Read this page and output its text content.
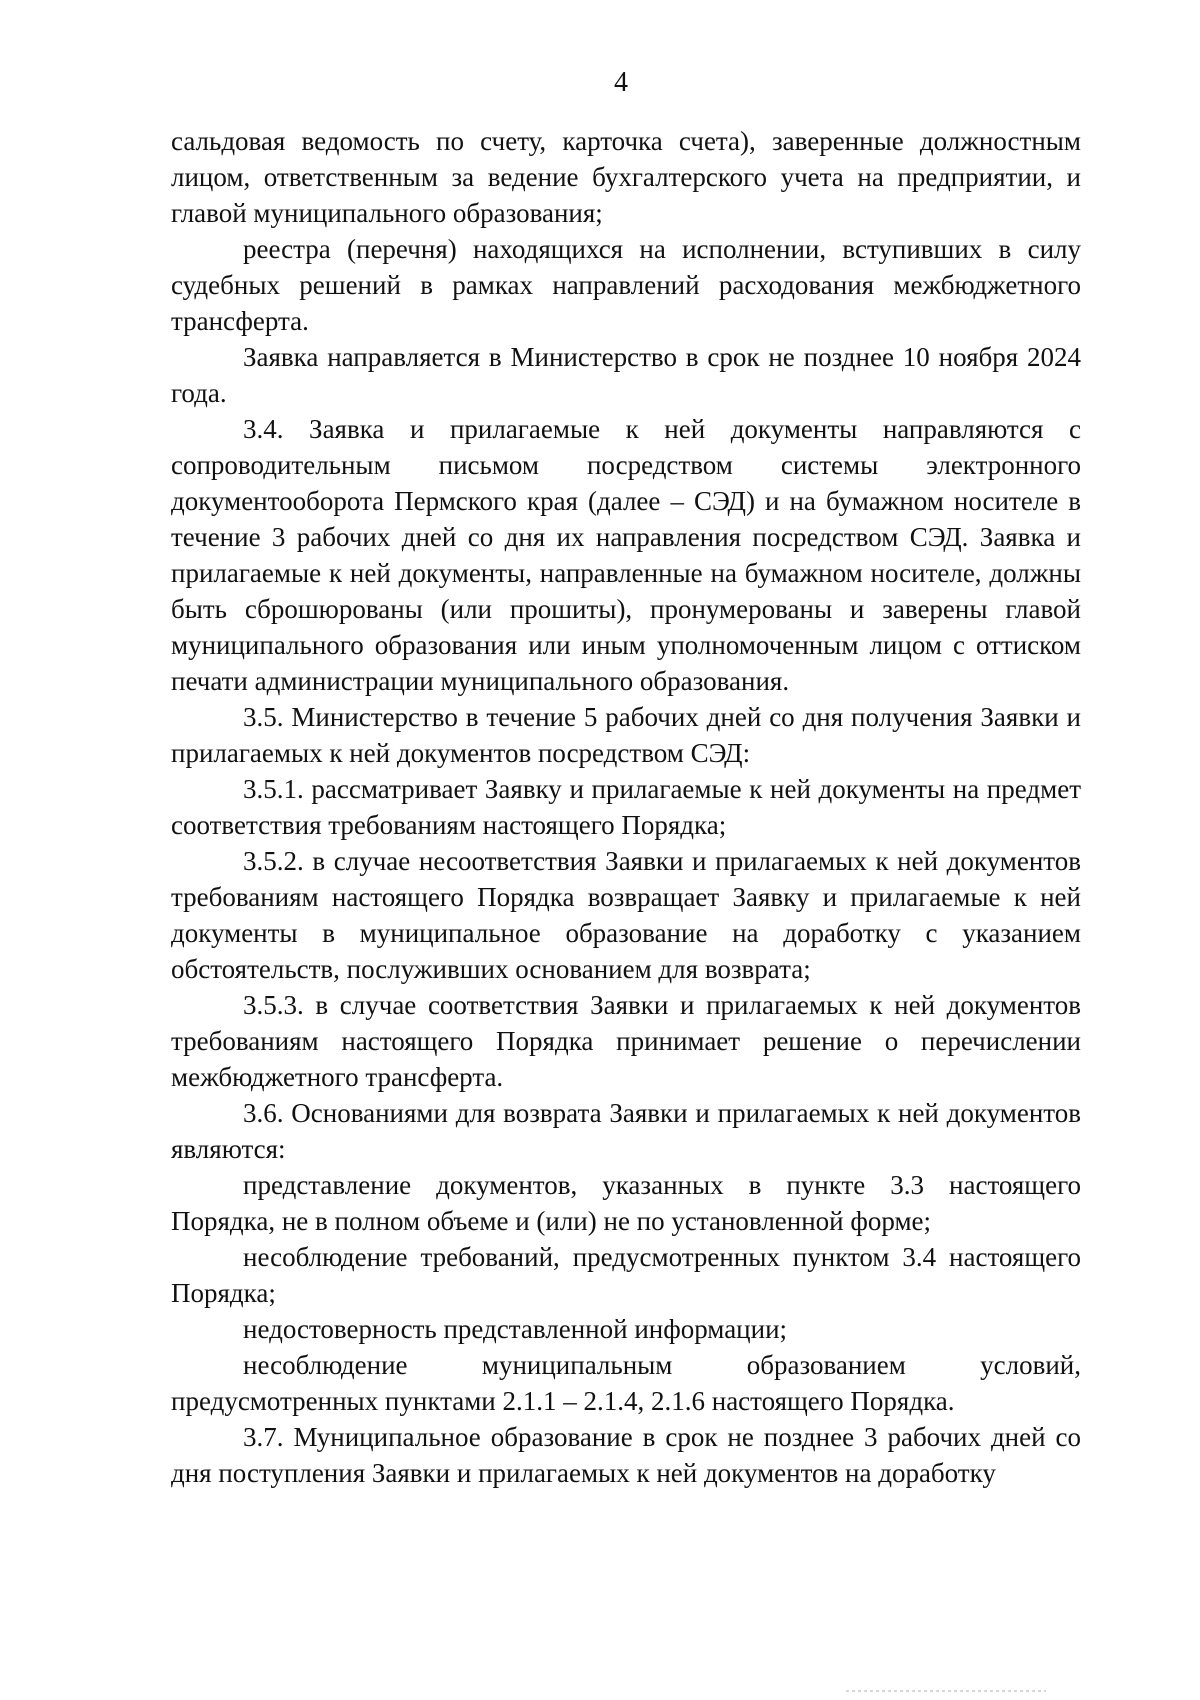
4

сальдовая ведомость по счету, карточка счета), заверенные должностным лицом, ответственным за ведение бухгалтерского учета на предприятии, и главой муниципального образования;

реестра (перечня) находящихся на исполнении, вступивших в силу судебных решений в рамках направлений расходования межбюджетного трансферта.

Заявка направляется в Министерство в срок не позднее 10 ноября 2024 года.

3.4. Заявка и прилагаемые к ней документы направляются с сопроводительным письмом посредством системы электронного документооборота Пермского края (далее – СЭД) и на бумажном носителе в течение 3 рабочих дней со дня их направления посредством СЭД. Заявка и прилагаемые к ней документы, направленные на бумажном носителе, должны быть сброшюрованы (или прошиты), пронумерованы и заверены главой муниципального образования или иным уполномоченным лицом с оттиском печати администрации муниципального образования.

3.5. Министерство в течение 5 рабочих дней со дня получения Заявки и прилагаемых к ней документов посредством СЭД:

3.5.1. рассматривает Заявку и прилагаемые к ней документы на предмет соответствия требованиям настоящего Порядка;

3.5.2. в случае несоответствия Заявки и прилагаемых к ней документов требованиям настоящего Порядка возвращает Заявку и прилагаемые к ней документы в муниципальное образование на доработку с указанием обстоятельств, послуживших основанием для возврата;

3.5.3. в случае соответствия Заявки и прилагаемых к ней документов требованиям настоящего Порядка принимает решение о перечислении межбюджетного трансферта.

3.6. Основаниями для возврата Заявки и прилагаемых к ней документов являются:

представление документов, указанных в пункте 3.3 настоящего Порядка, не в полном объеме и (или) не по установленной форме;

несоблюдение требований, предусмотренных пунктом 3.4 настоящего Порядка;

недостоверность представленной информации;

несоблюдение муниципальным образованием условий, предусмотренных пунктами 2.1.1 – 2.1.4, 2.1.6 настоящего Порядка.

3.7. Муниципальное образование в срок не позднее 3 рабочих дней со дня поступления Заявки и прилагаемых к ней документов на доработку
